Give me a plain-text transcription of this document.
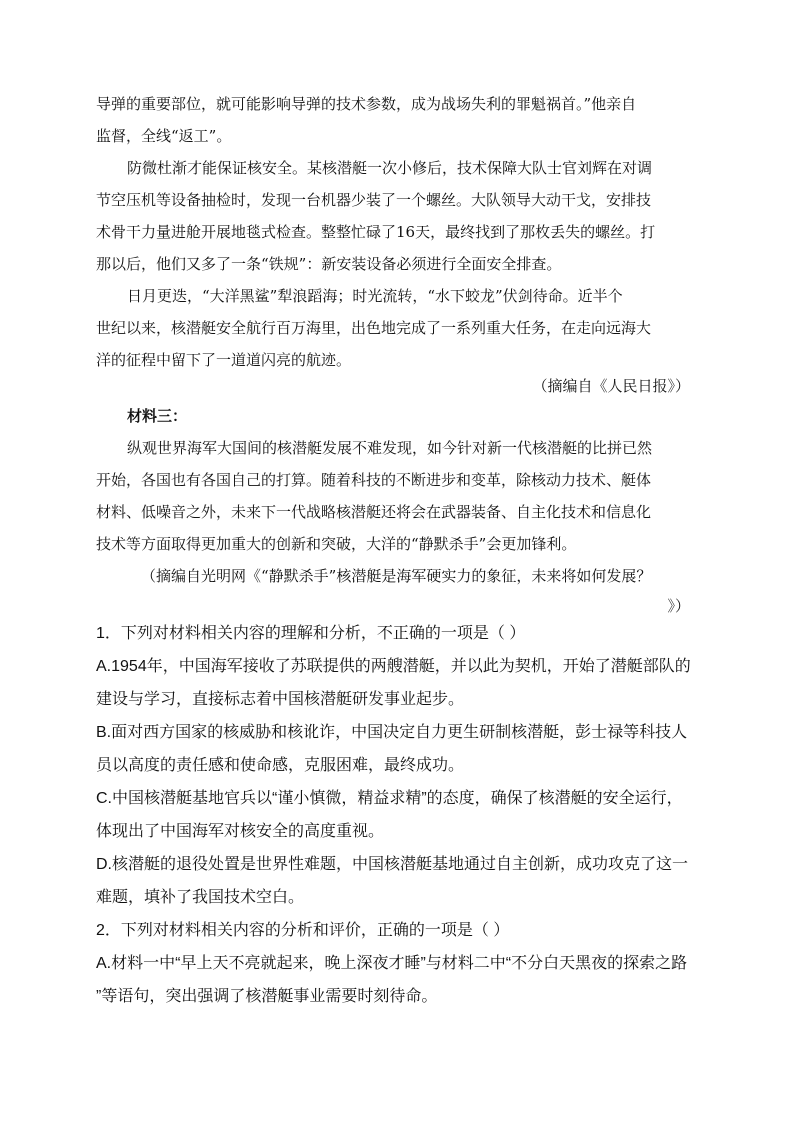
导弹的重要部位，就可能影响导弹的技术参数，成为战场失利的罪魁祸首。”他亲自
监督，全线“返工”。
防微杜渐才能保证核安全。某核潜艇一次小修后，技术保障大队士官刘辉在对调
节空压机等设备抽检时，发现一台机器少装了一个螺丝。大队领导大动干戈，安排技
术骨干力量进舱开展地毯式检查。整整忙碌了16天，最终找到了那枚丢失的螺丝。打
那以后，他们又多了一条“铁规”：新安装设备必须进行全面安全排查。
日月更迭，“大洋黑鲨”犁浪蹈海；时光流转，“水下蛟龙”伏剑待命。近半个
世纪以来，核潜艇安全航行百万海里，出色地完成了一系列重大任务，在走向远海大
洋的征程中留下了一道道闪亮的航迹。
（摘编自《人民日报》）
材料三：
纵观世界海军大国间的核潜艇发展不难发现，如今针对新一代核潜艇的比拼已然
开始，各国也有各国自己的打算。随着科技的不断进步和变革，除核动力技术、艇体
材料、低噪音之外，未来下一代战略核潜艇还将会在武器装备、自主化技术和信息化
技术等方面取得更加重大的创新和突破，大洋的“静默杀手”会更加锋利。
（摘编自光明网《“静默杀手”核潜艇是海军硬实力的象征，未来将如何发展？
》）
1．下列对材料相关内容的理解和分析，不正确的一项是（ ）
A.1954年，中国海军接收了苏联提供的两艘潜艇，并以此为契机，开始了潜艇部队的
建设与学习，直接标志着中国核潜艇研发事业起步。
B.面对西方国家的核威胁和核讹诈，中国决定自力更生研制核潜艇，彭士禄等科技人
员以高度的责任感和使命感，克服困难，最终成功。
C.中国核潜艇基地官兵以“谨小慎微，精益求精”的态度，确保了核潜艇的安全运行，
体现出了中国海军对核安全的高度重视。
D.核潜艇的退役处置是世界性难题，中国核潜艇基地通过自主创新，成功攻克了这一
难题，填补了我国技术空白。
2．下列对材料相关内容的分析和评价，正确的一项是（ ）
A.材料一中“早上天不亮就起来，晚上深夜才睡”与材料二中“不分白天黑夜的探索之路
”等语句，突出强调了核潜艇事业需要时刻待命。
